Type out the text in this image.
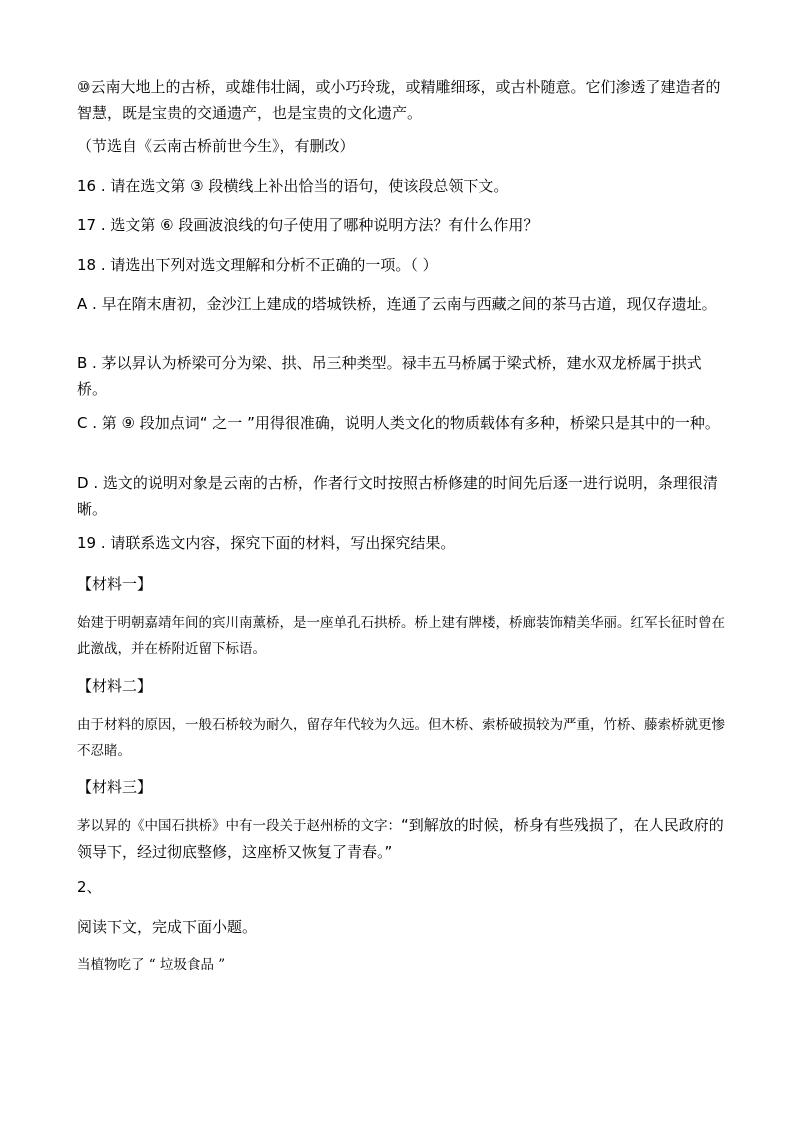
⑩云南大地上的古桥，或雄伟壮阔，或小巧玲珑，或精雕细琢，或古朴随意。它们渗透了建造者的智慧，既是宝贵的交通遗产，也是宝贵的文化遗产。

（节选自《云南古桥前世今生》，有删改）

16 . 请在选文第 ③ 段横线上补出恰当的语句，使该段总领下文。

17 . 选文第 ⑥ 段画波浪线的句子使用了哪种说明方法？有什么作用？

18 . 请选出下列对选文理解和分析不正确的一项。（ ）

A . 早在隋末唐初，金沙江上建成的塔城铁桥，连通了云南与西藏之间的茶马古道，现仅存遗址。

B . 茅以昇认为桥梁可分为梁、拱、吊三种类型。禄丰五马桥属于梁式桥，建水双龙桥属于拱式桥。

C . 第 ⑨ 段加点词“ 之一 ”用得很准确，说明人类文化的物质载体有多种，桥梁只是其中的一种。

D . 选文的说明对象是云南的古桥，作者行文时按照古桥修建的时间先后逐一进行说明，条理很清晰。

19 . 请联系选文内容，探究下面的材料，写出探究结果。

【材料一】

始建于明朝嘉靖年间的宾川南薰桥，是一座单孔石拱桥。桥上建有牌楼，桥廊装饰精美华丽。红军长征时曾在此激战，并在桥附近留下标语。

【材料二】

由于材料的原因，一般石桥较为耐久，留存年代较为久远。但木桥、索桥破损较为严重，竹桥、藤索桥就更惨不忍睹。

【材料三】

茅以昇的《中国石拱桥》中有一段关于赵州桥的文字：“到解放的时候，桥身有些残损了，在人民政府的领导下，经过彻底整修，这座桥又恢复了青春。”

2、

阅读下文，完成下面小题。

当植物吃了 “ 垃圾食品 ”
